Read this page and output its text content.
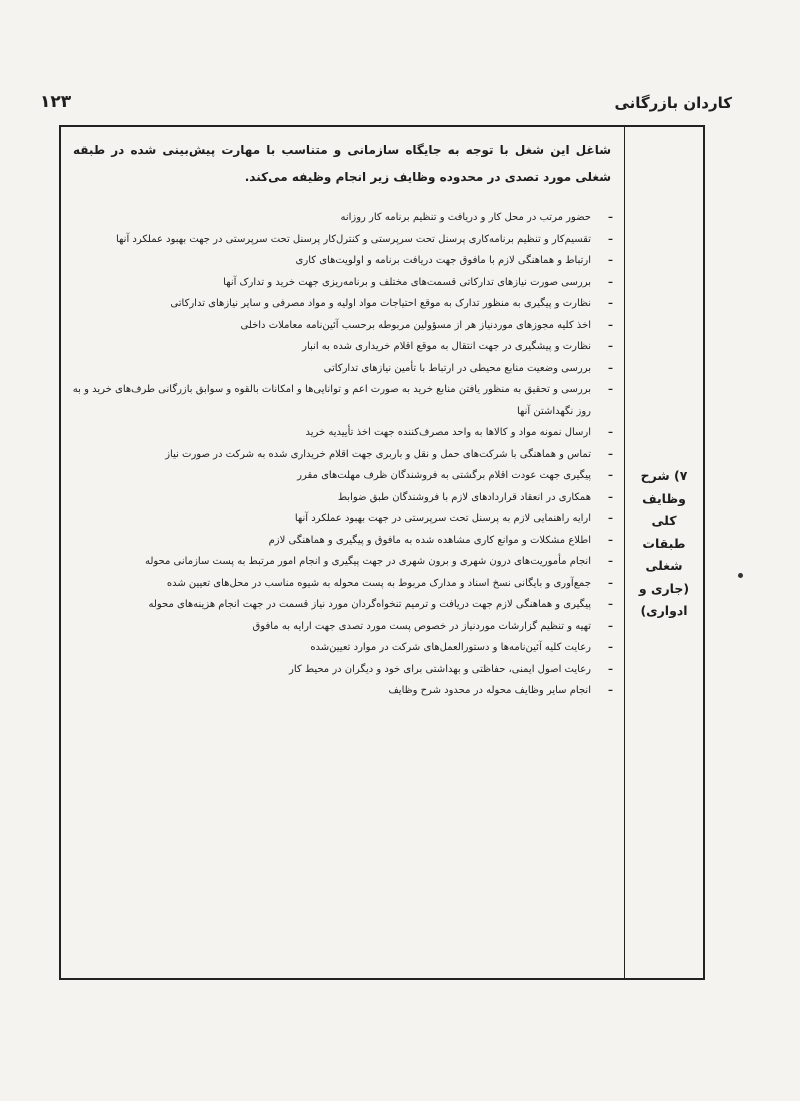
کاردان بازرگانی
۱۲۳
۷) شرح
وظایف
کلی
طبقات
شغلی
(جاری و
ادواری)
شاغل این شغل با توجه به جایگاه سازمانی و متناسب با مهارت پیش‌بینی شده در طبقه شغلی مورد تصدی در محدوده وظایف زیر انجام وظیفه می‌کند.
–
حضور مرتب در محل کار و دریافت و تنظیم برنامه کار روزانه
–
تقسیم‌کار و تنظیم برنامه‌کاری پرسنل تحت سرپرستی و کنترل‌کار پرسنل تحت سرپرستی در جهت بهبود عملکرد آنها
–
ارتباط و هماهنگی لازم با مافوق جهت دریافت برنامه و اولویت‌های کاری
–
بررسی صورت نیازهای تدارکاتی قسمت‌های مختلف و برنامه‌ریزی جهت خرید و تدارک آنها
–
نظارت و پیگیری به منظور تدارک به موقع احتیاجات مواد اولیه و مواد مصرفی و سایر نیازهای تدارکاتی
–
اخذ کلیه مجوزهای موردنیاز هر از مسؤولین مربوطه برحسب آئین‌نامه معاملات داخلی
–
نظارت و پیشگیری در جهت انتقال به موقع اقلام خریداری شده به انبار
–
بررسی وضعیت منابع محیطی در ارتباط با تأمین نیازهای تدارکاتی
–
بررسی و تحقیق به منظور یافتن منابع خرید به صورت اعم و توانایی‌ها و امکانات بالقوه و سوابق بازرگانی طرف‌های خرید و به روز نگهداشتن آنها
–
ارسال نمونه مواد و کالاها به واحد مصرف‌کننده جهت اخذ تأییدیه خرید
–
تماس و هماهنگی با شرکت‌های حمل و نقل و باربری جهت اقلام خریداری شده به شرکت در صورت نیاز
–
پیگیری جهت عودت اقلام برگشتی به فروشندگان ظرف مهلت‌های مقرر
–
همکاری در انعقاد قراردادهای لازم با فروشندگان طبق ضوابط
–
ارایه راهنمایی لازم به پرسنل تحت سرپرستی در جهت بهبود عملکرد آنها
–
اطلاع مشکلات و موانع کاری مشاهده شده به مافوق و پیگیری و هماهنگی لازم
–
انجام مأموریت‌های درون شهری و برون شهری در جهت پیگیری و انجام امور مرتبط به پست سازمانی محوله
–
جمع‌آوری و بایگانی نسخ اسناد و مدارک مربوط به پست محوله به شیوه مناسب در محل‌های تعیین شده
–
پیگیری و هماهنگی لازم جهت دریافت و ترمیم تنخواه‌گردان مورد نیاز قسمت در جهت انجام هزینه‌های محوله
–
تهیه و تنظیم گزارشات موردنیاز در خصوص پست مورد تصدی جهت ارایه به مافوق
–
رعایت کلیه آئین‌نامه‌ها و دستورالعمل‌های شرکت در موارد تعیین‌شده
–
رعایت اصول ایمنی، حفاظتی و بهداشتی برای خود و دیگران در محیط کار
–
انجام سایر وظایف محوله در محدود شرح وظایف
